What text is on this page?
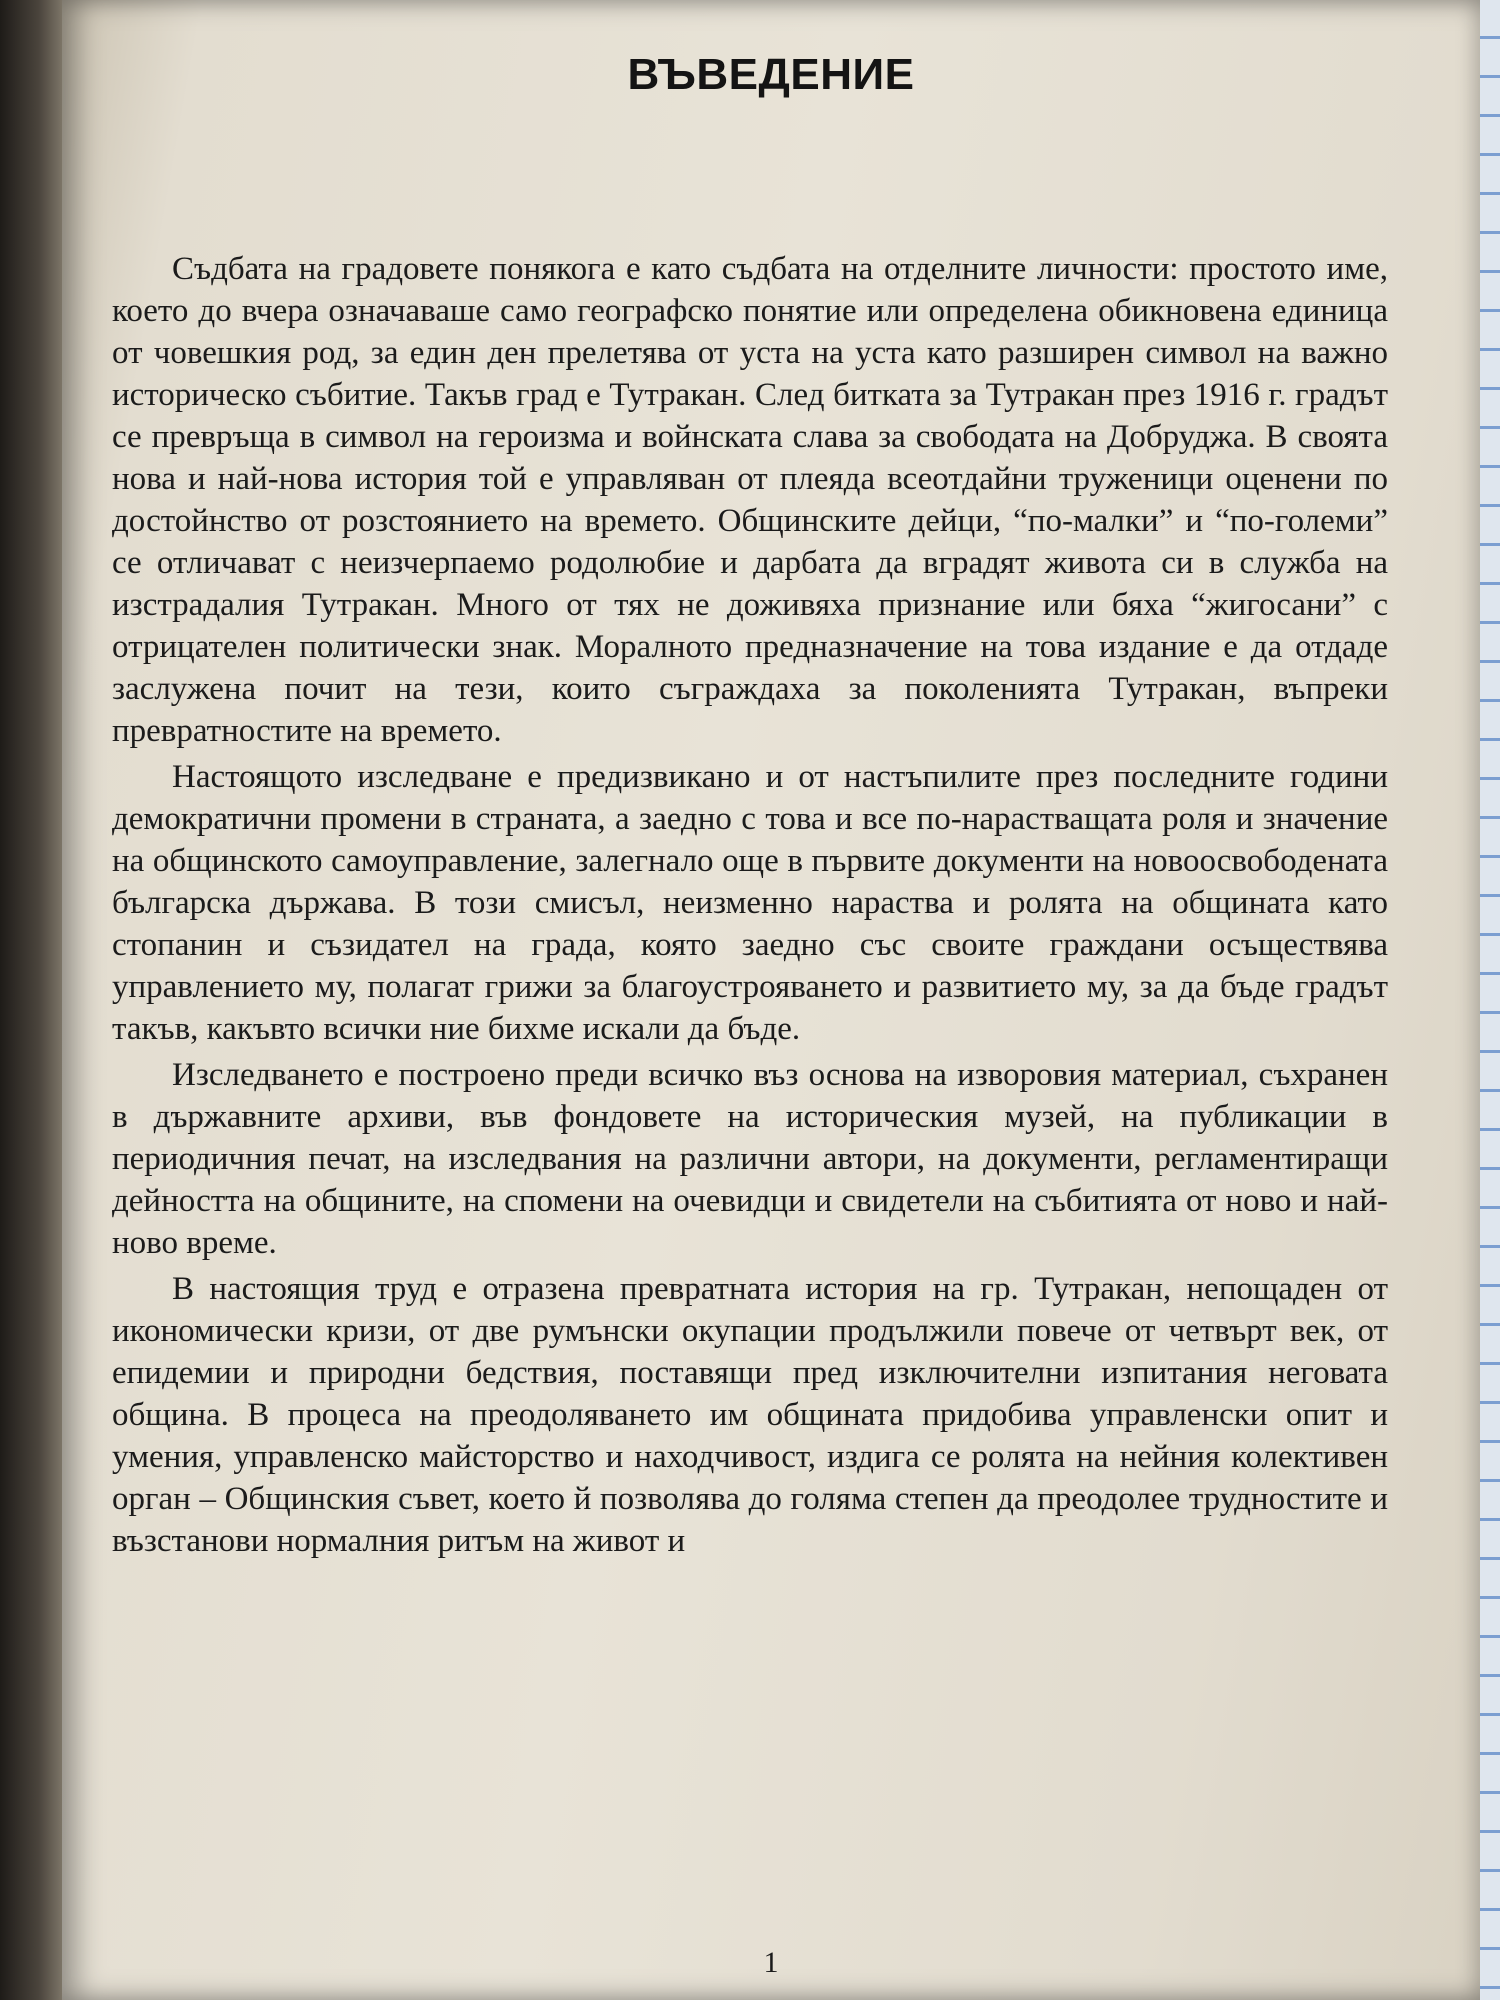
ВЪВЕДЕНИЕ

Съдбата на градовете понякога е като съдбата на отделните личности: простото име, което до вчера означаваше само географско понятие или определена обикновена единица от човешкия род, за един ден прелетява от уста на уста като разширен символ на важно историческо събитие. Такъв град е Тутракан. След битката за Тутракан през 1916 г. градът се превръща в символ на героизма и войнската слава за свободата на Добруджа. В своята нова и най-нова история той е управляван от плеяда всеотдайни труженици оценени по достойнство от розстоянието на времето. Общинските дейци, “по-малки” и “по-големи” се отличават с неизчерпаемо родолюбие и дарбата да вградят живота си в служба на изстрадалия Тутракан. Много от тях не доживяха признание или бяха “жигосани” с отрицателен политически знак. Моралното предназначение на това издание е да отдаде заслужена почит на тези, които съграждаха за поколенията Тутракан, въпреки превратностите на времето.

Настоящото изследване е предизвикано и от настъпилите през последните години демократични промени в страната, а заедно с това и все по-нарастващата роля и значение на общинското самоуправление, залегнало още в първите документи на новоосвободената българска държава. В този смисъл, неизменно нараства и ролята на общината като стопанин и съзидател на града, която заедно със своите граждани осъществява управлението му, полагат грижи за благоустрояването и развитието му, за да бъде градът такъв, какъвто всички ние бихме искали да бъде.

Изследването е построено преди всичко въз основа на изворовия материал, съхранен в държавните архиви, във фондовете на историческия музей, на публикации в периодичния печат, на изследвания на различни автори, на документи, регламентиращи дейността на общините, на спомени на очевидци и свидетели на събитията от ново и най-ново време.

В настоящия труд е отразена превратната история на гр. Тутракан, непощаден от икономически кризи, от две румънски окупации продължили повече от четвърт век, от епидемии и природни бедствия, поставящи пред изключителни изпитания неговата община. В процеса на преодоляването им общината придобива управленски опит и умения, управленско майсторство и находчивост, издига се ролята на нейния колективен орган – Общинския съвет, което й позволява до голяма степен да преодолее трудностите и възстанови нормалния ритъм на живот и

1
